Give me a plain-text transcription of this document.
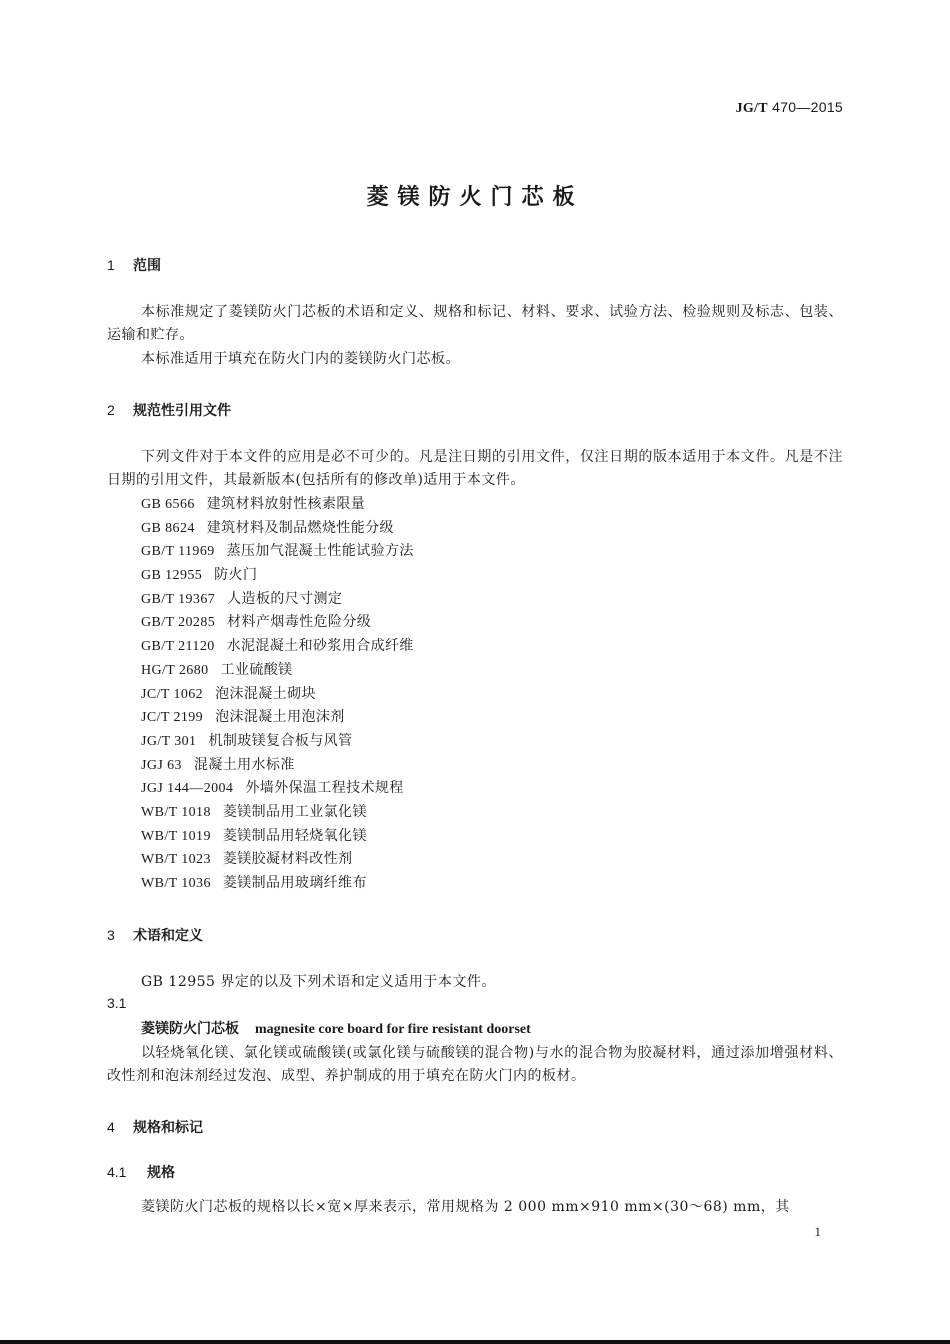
JG/T 470—2015
菱镁防火门芯板
1 范围
本标准规定了菱镁防火门芯板的术语和定义、规格和标记、材料、要求、试验方法、检验规则及标志、包装、运输和贮存。
本标准适用于填充在防火门内的菱镁防火门芯板。
2 规范性引用文件
下列文件对于本文件的应用是必不可少的。凡是注日期的引用文件，仅注日期的版本适用于本文件。凡是不注日期的引用文件，其最新版本(包括所有的修改单)适用于本文件。
GB 6566 建筑材料放射性核素限量
GB 8624 建筑材料及制品燃烧性能分级
GB/T 11969 蒸压加气混凝土性能试验方法
GB 12955 防火门
GB/T 19367 人造板的尺寸测定
GB/T 20285 材料产烟毒性危险分级
GB/T 21120 水泥混凝土和砂浆用合成纤维
HG/T 2680 工业硫酸镁
JC/T 1062 泡沫混凝土砌块
JC/T 2199 泡沫混凝土用泡沫剂
JG/T 301 机制玻镁复合板与风管
JGJ 63 混凝土用水标准
JGJ 144—2004 外墙外保温工程技术规程
WB/T 1018 菱镁制品用工业氯化镁
WB/T 1019 菱镁制品用轻烧氧化镁
WB/T 1023 菱镁胶凝材料改性剂
WB/T 1036 菱镁制品用玻璃纤维布
3 术语和定义
GB 12955 界定的以及下列术语和定义适用于本文件。
3.1
菱镁防火门芯板 magnesite core board for fire resistant doorset
以轻烧氧化镁、氯化镁或硫酸镁(或氯化镁与硫酸镁的混合物)与水的混合物为胶凝材料，通过添加增强材料、改性剂和泡沫剂经过发泡、成型、养护制成的用于填充在防火门内的板材。
4 规格和标记
4.1 规格
菱镁防火门芯板的规格以长×宽×厚来表示，常用规格为 2 000 mm×910 mm×(30～68) mm，其
1
